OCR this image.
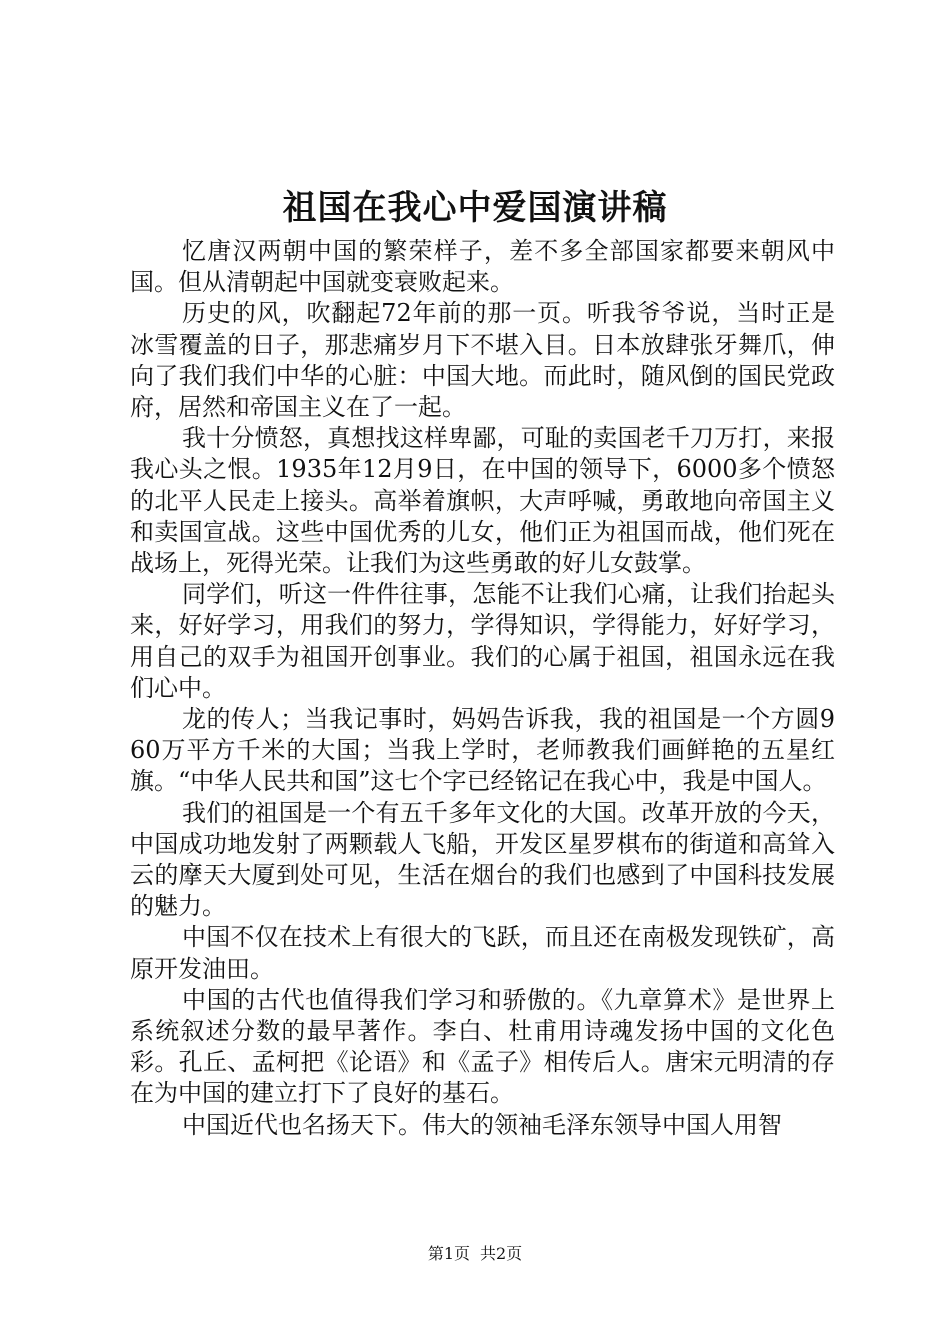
祖国在我心中爱国演讲稿

忆唐汉两朝中国的繁荣样子，差不多全部国家都要来朝风中国。但从清朝起中国就变衰败起来。

历史的风，吹翻起72年前的那一页。听我爷爷说，当时正是冰雪覆盖的日子，那悲痛岁月下不堪入目。日本放肆张牙舞爪，伸向了我们我们中华的心脏：中国大地。而此时，随风倒的国民党政府，居然和帝国主义在了一起。

我十分愤怒，真想找这样卑鄙，可耻的卖国老千刀万打，来报我心头之恨。1935年12月9日，在中国的领导下，6000多个愤怒的北平人民走上接头。高举着旗帜，大声呼喊，勇敢地向帝国主义和卖国宣战。这些中国优秀的儿女，他们正为祖国而战，他们死在战场上，死得光荣。让我们为这些勇敢的好儿女鼓掌。

同学们，听这一件件往事，怎能不让我们心痛，让我们抬起头来，好好学习，用我们的努力，学得知识，学得能力，好好学习，用自己的双手为祖国开创事业。我们的心属于祖国，祖国永远在我们心中。

龙的传人；当我记事时，妈妈告诉我，我的祖国是一个方圆960万平方千米的大国；当我上学时，老师教我们画鲜艳的五星红旗。“中华人民共和国”这七个字已经铭记在我心中，我是中国人。

我们的祖国是一个有五千多年文化的大国。改革开放的今天，中国成功地发射了两颗载人飞船，开发区星罗棋布的街道和高耸入云的摩天大厦到处可见，生活在烟台的我们也感到了中国科技发展的魅力。

中国不仅在技术上有很大的飞跃，而且还在南极发现铁矿，高原开发油田。

中国的古代也值得我们学习和骄傲的。《九章算术》是世界上系统叙述分数的最早著作。李白、杜甫用诗魂发扬中国的文化色彩。孔丘、孟柯把《论语》和《孟子》相传后人。唐宋元明清的存在为中国的建立打下了良好的基石。

中国近代也名扬天下。伟大的领袖毛泽东领导中国人用智

第1页 共2页
